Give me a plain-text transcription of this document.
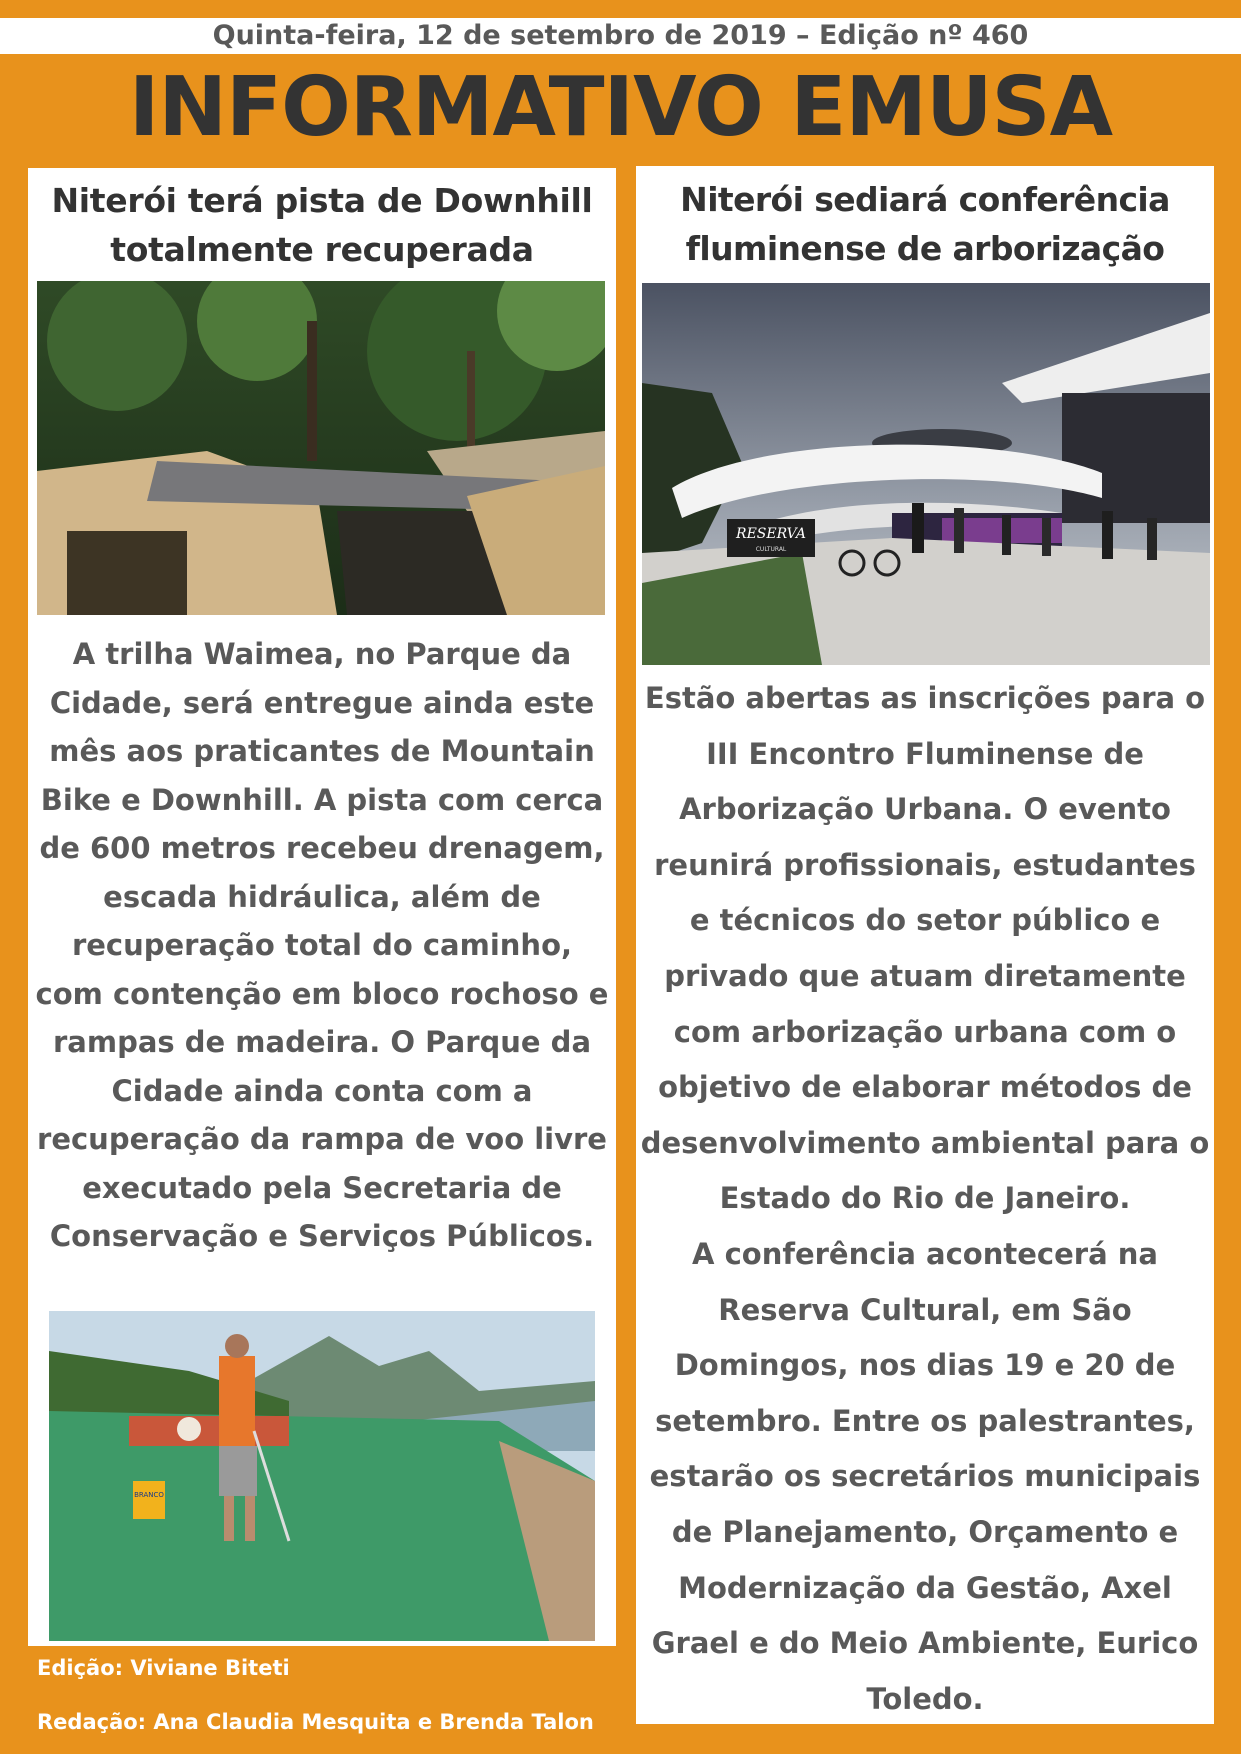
Quinta-feira, 12 de setembro de 2019 – Edição nº 460
INFORMATIVO EMUSA
Niterói terá pista de Downhill
totalmente recuperada

A trilha Waimea, no Parque da Cidade, será entregue ainda este mês aos praticantes de Mountain Bike e Downhill. A pista com cerca de 600 metros recebeu drenagem, escada hidráulica, além de recuperação total do caminho, com contenção em bloco rochoso e rampas de madeira. O Parque da Cidade ainda conta com a recuperação da rampa de voo livre executado pela Secretaria de Conservação e Serviços Públicos.

BRANCO
Niterói sediará conferência
fluminense de arborização
RESERVA
CULTURAL

Estão abertas as inscrições para o III Encontro Fluminense de Arborização Urbana. O evento reunirá profissionais, estudantes e técnicos do setor público e privado que atuam diretamente com arborização urbana com o objetivo de elaborar métodos de desenvolvimento ambiental para o Estado do Rio de Janeiro.
A conferência acontecerá na Reserva Cultural, em São Domingos, nos dias 19 e 20 de setembro. Entre os palestrantes, estarão os secretários municipais de Planejamento, Orçamento e Modernização da Gestão, Axel Grael e do Meio Ambiente, Eurico Toledo.

Edição: Viviane Biteti
Redação: Ana Claudia Mesquita e Brenda Talon
